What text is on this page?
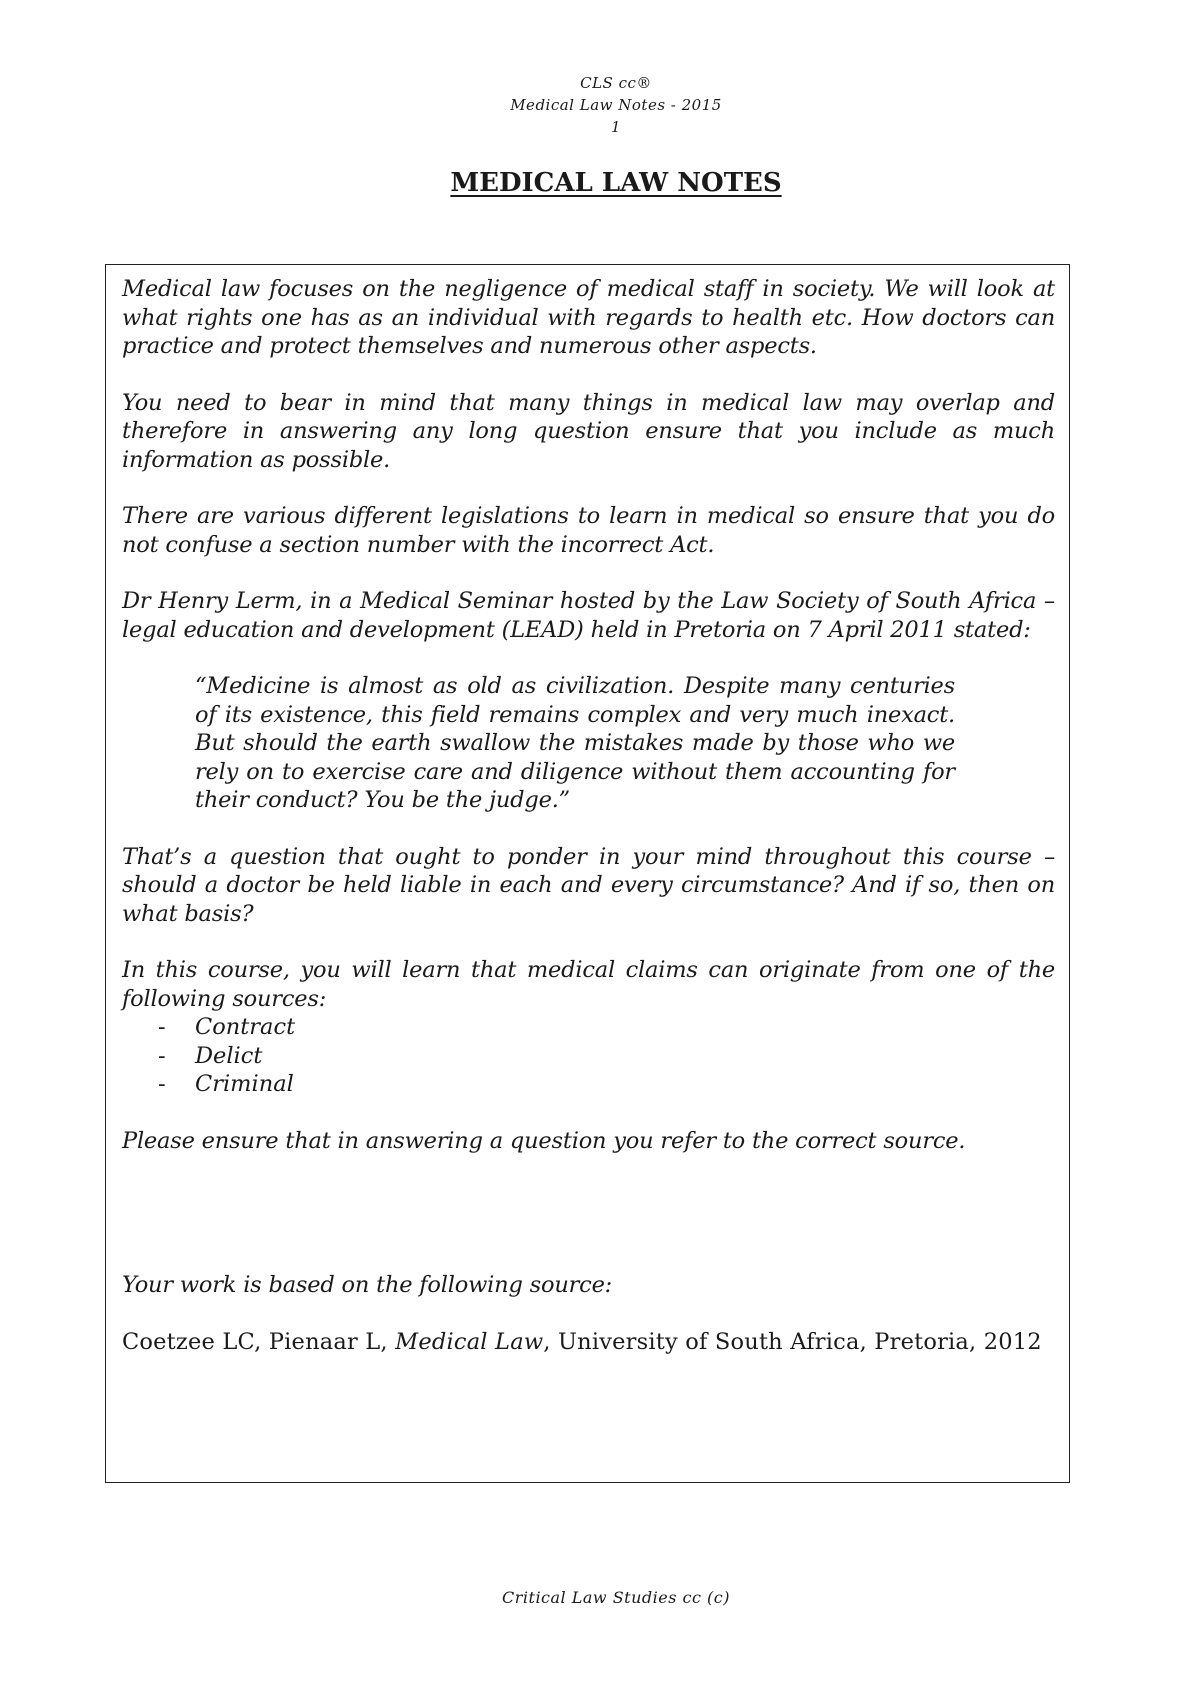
CLS cc®
Medical Law Notes - 2015
1
MEDICAL LAW NOTES

Medical law focuses on the negligence of medical staff in society. We will look at what rights one has as an individual with regards to health etc. How doctors can practice and protect themselves and numerous other aspects.

You need to bear in mind that many things in medical law may overlap and therefore in answering any long question ensure that you include as much information as possible.

There are various different legislations to learn in medical so ensure that you do not confuse a section number with the incorrect Act.

Dr Henry Lerm, in a Medical Seminar hosted by the Law Society of South Africa – legal education and development (LEAD) held in Pretoria on 7 April 2011 stated:

“Medicine is almost as old as civilization. Despite many centuries of its existence, this field remains complex and very much inexact. But should the earth swallow the mistakes made by those who we rely on to exercise care and diligence without them accounting for their conduct? You be the judge.”

That’s a question that ought to ponder in your mind throughout this course – should a doctor be held liable in each and every circumstance? And if so, then on what basis?

In this course, you will learn that medical claims can originate from one of the following sources:

- Contract
- Delict
- Criminal

Please ensure that in answering a question you refer to the correct source.

Your work is based on the following source:

Coetzee LC, Pienaar L, Medical Law, University of South Africa, Pretoria, 2012

Critical Law Studies cc (c)
